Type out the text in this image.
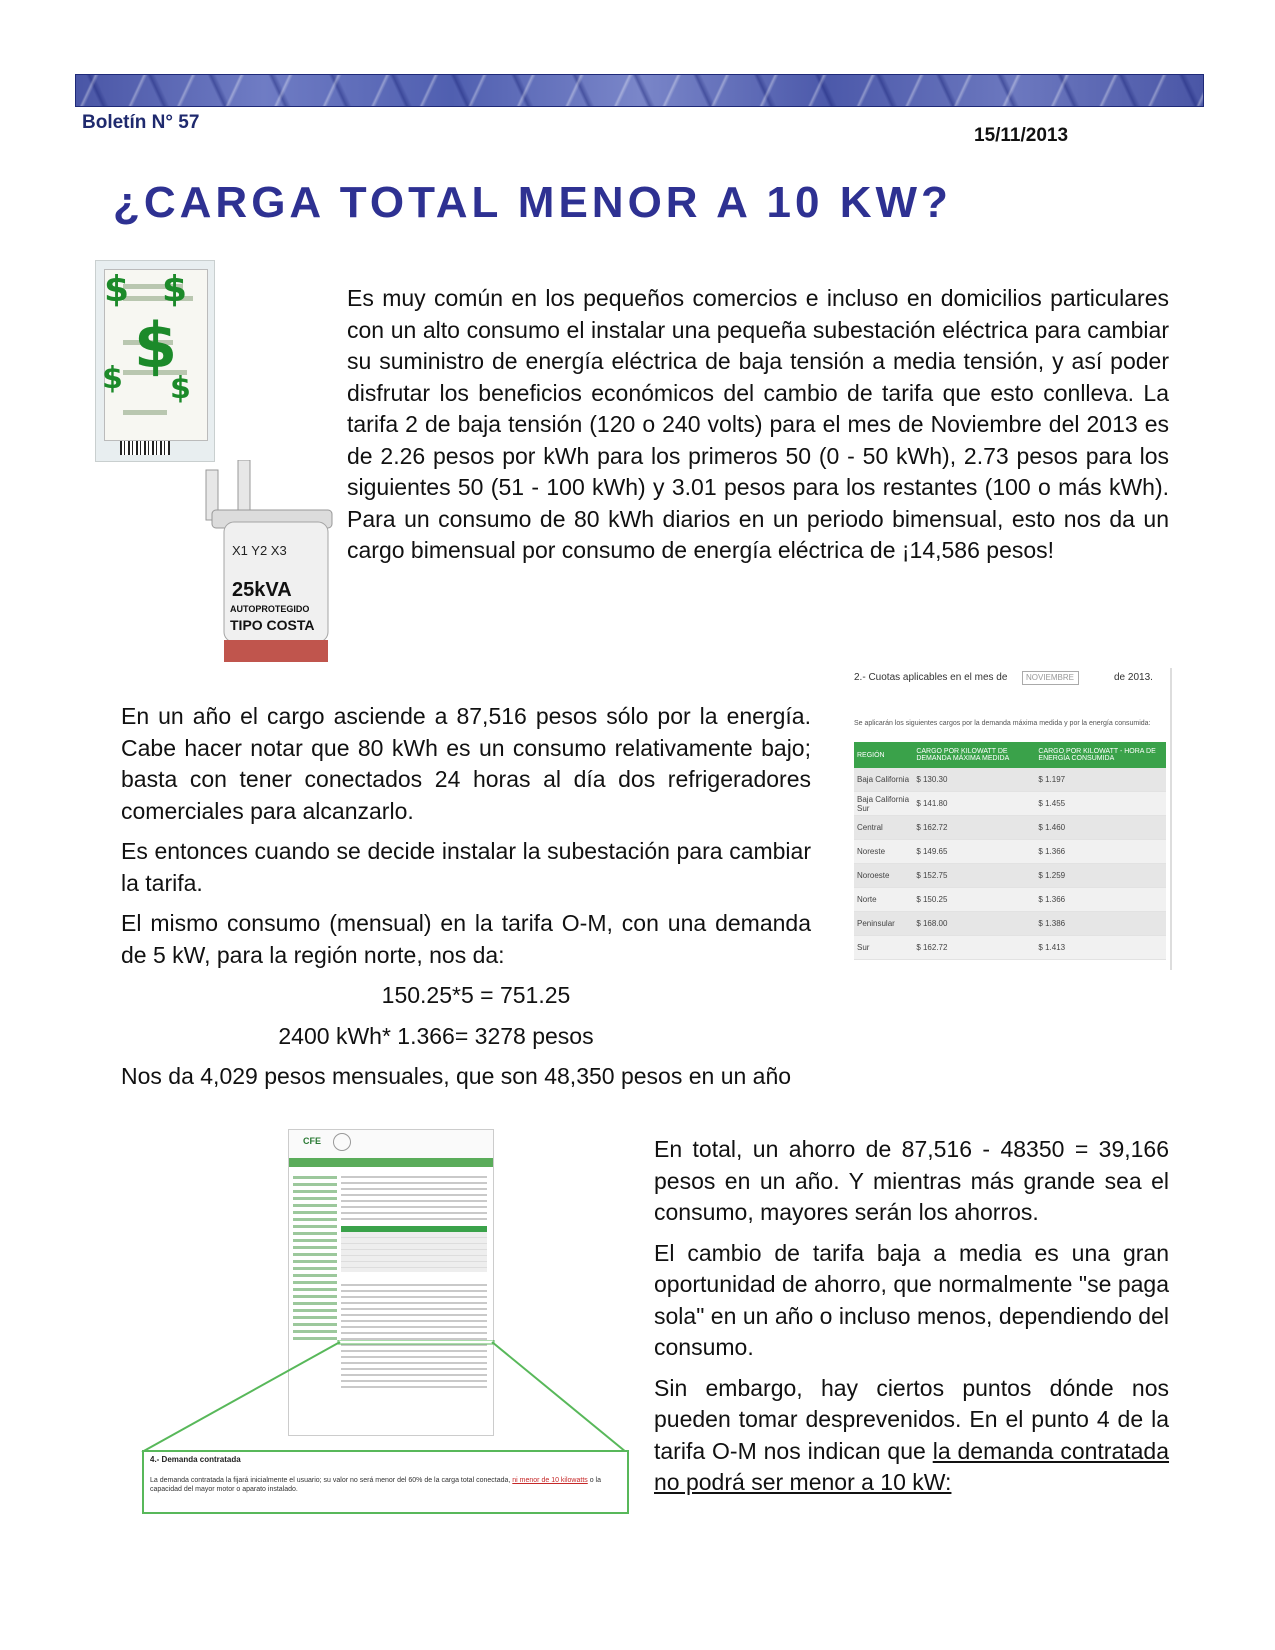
Boletín N° 57
15/11/2013
¿CARGA TOTAL MENOR A 10 KW?
$ $
$
$ $
X1 Y2 X3
25kVA
AUTOPROTEGIDO
TIPO COSTA

Es muy común en los pequeños comercios e incluso en domicilios particulares con un alto consumo el instalar una pequeña subestación eléctrica para cambiar su suministro de energía eléctrica de baja tensión a media tensión, y así poder disfrutar los beneficios económicos del cambio de tarifa que esto conlleva. La tarifa 2 de baja tensión (120 o 240 volts) para el mes de Noviembre del 2013 es de 2.26 pesos por kWh para los primeros 50 (0 - 50 kWh), 2.73 pesos para los siguientes 50 (51 - 100 kWh) y 3.01 pesos para los restantes (100 o más kWh). Para un consumo de 80 kWh diarios en un periodo bimensual, esto nos da un cargo bimensual por consumo de energía eléctrica de ¡14,586 pesos!

En un año el cargo asciende a 87,516 pesos sólo por la energía. Cabe hacer notar que 80 kWh es un consumo relativamente bajo; basta con tener conectados 24 horas al día dos refrigeradores comerciales para alcanzarlo.

Es entonces cuando se decide instalar la subestación para cambiar la tarifa.

El mismo consumo (mensual) en la tarifa O-M, con una demanda de 5 kW, para la región norte, nos da:

150.25*5 = 751.25

2400 kWh* 1.366= 3278 pesos

Nos da 4,029 pesos mensuales, que son 48,350 pesos en un año

2.- Cuotas aplicables en el mes de	NOVIEMBRE	de 2013.
Se aplicarán los siguientes cargos por la demanda máxima medida y por la energía consumida:
REGIÓN	CARGO POR KILOWATT DE DEMANDA MÁXIMA MEDIDA	CARGO POR KILOWATT - HORA DE ENERGÍA CONSUMIDA
Baja California	$ 130.30	$ 1.197
Baja California Sur	$ 141.80	$ 1.455
Central	$ 162.72	$ 1.460
Noreste	$ 149.65	$ 1.366
Noroeste	$ 152.75	$ 1.259
Norte	$ 150.25	$ 1.366
Peninsular	$ 168.00	$ 1.386
Sur	$ 162.72	$ 1.413
CFE
4.- Demanda contratada
La demanda contratada la fijará inicialmente el usuario; su valor no será menor del 60% de la carga total conectada, ni menor de 10 kilowatts o la capacidad del mayor motor o aparato instalado.

En total, un ahorro de 87,516 - 48350 = 39,166 pesos en un año. Y mientras más grande sea el consumo, mayores serán los ahorros.

El cambio de tarifa baja a media es una gran oportunidad de ahorro, que normalmente "se paga sola" en un año o incluso menos, dependiendo del consumo.

Sin embargo, hay ciertos puntos dónde nos pueden tomar desprevenidos. En el punto 4 de la tarifa O-M nos indican que la demanda contratada no podrá ser menor a 10 kW:
